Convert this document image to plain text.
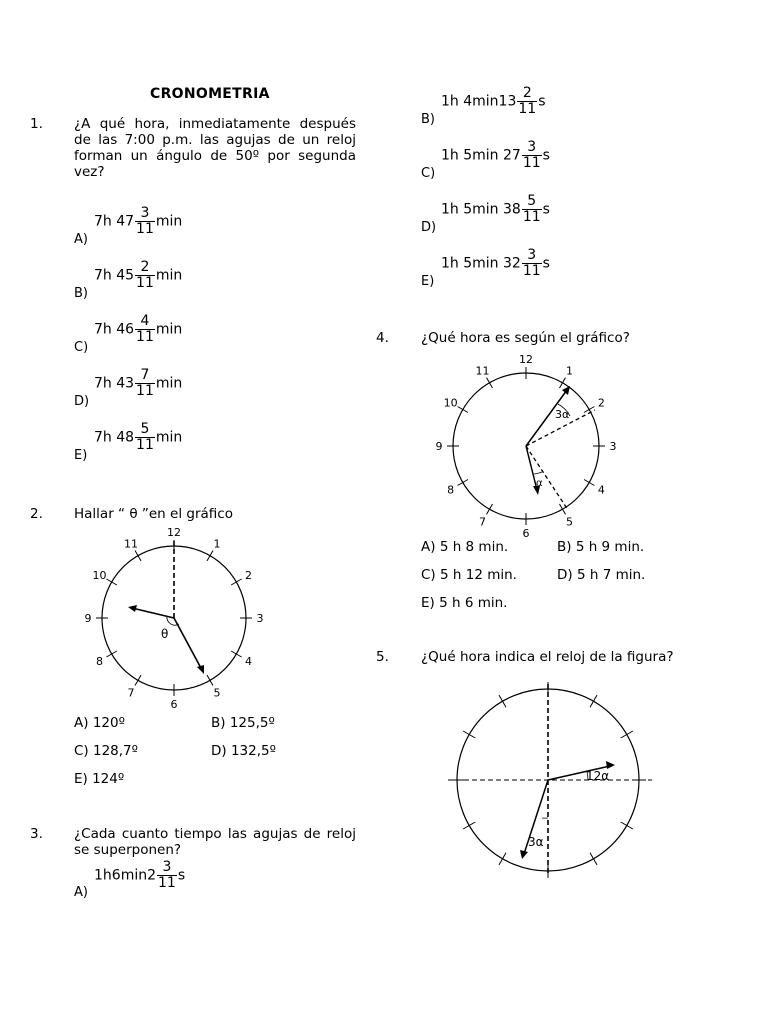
CRONOMETRIA
1. ¿A qué hora, inmediatamente después de las 7:00 p.m. las agujas de un reloj forman un ángulo de 50º por segunda vez?
A)
7h $47 \frac{3}{11}$ min
B)
7h $45 \frac{2}{11}$ min
C)
7h $46 \frac{4}{11}$ min
D)
7h $43 \frac{7}{11}$ min
E)
7h $48 \frac{5}{11}$ min
2. Hallar “ θ ”en el gráfico
12
1
2
3
4
5
6
7
8
9
10
11
θ
A) 120º	B) 125,5º
C) 128,7º	D) 132,5º
E) 124º
3. ¿Cada cuanto tiempo las agujas de reloj se superponen?
A)
$1h6\min 2 \frac{3}{11}$ s
B)
1h $4\min 13 \frac{2}{11}$ s
C)
1h 5min $27 \frac{3}{11}$ s
D)
1h 5min $38 \frac{5}{11}$ s
E)
1h 5min $32 \frac{3}{11}$ s
4. ¿Qué hora es según el gráfico?
12
1
2
3
4
5
6
7
8
9
10
11
3α
α
A) 5 h 8 min.	B) 5 h 9 min.
C) 5 h 12 min.	D) 5 h 7 min.
E) 5 h 6 min.
5. ¿Qué hora indica el reloj de la figura?
12α
3α
